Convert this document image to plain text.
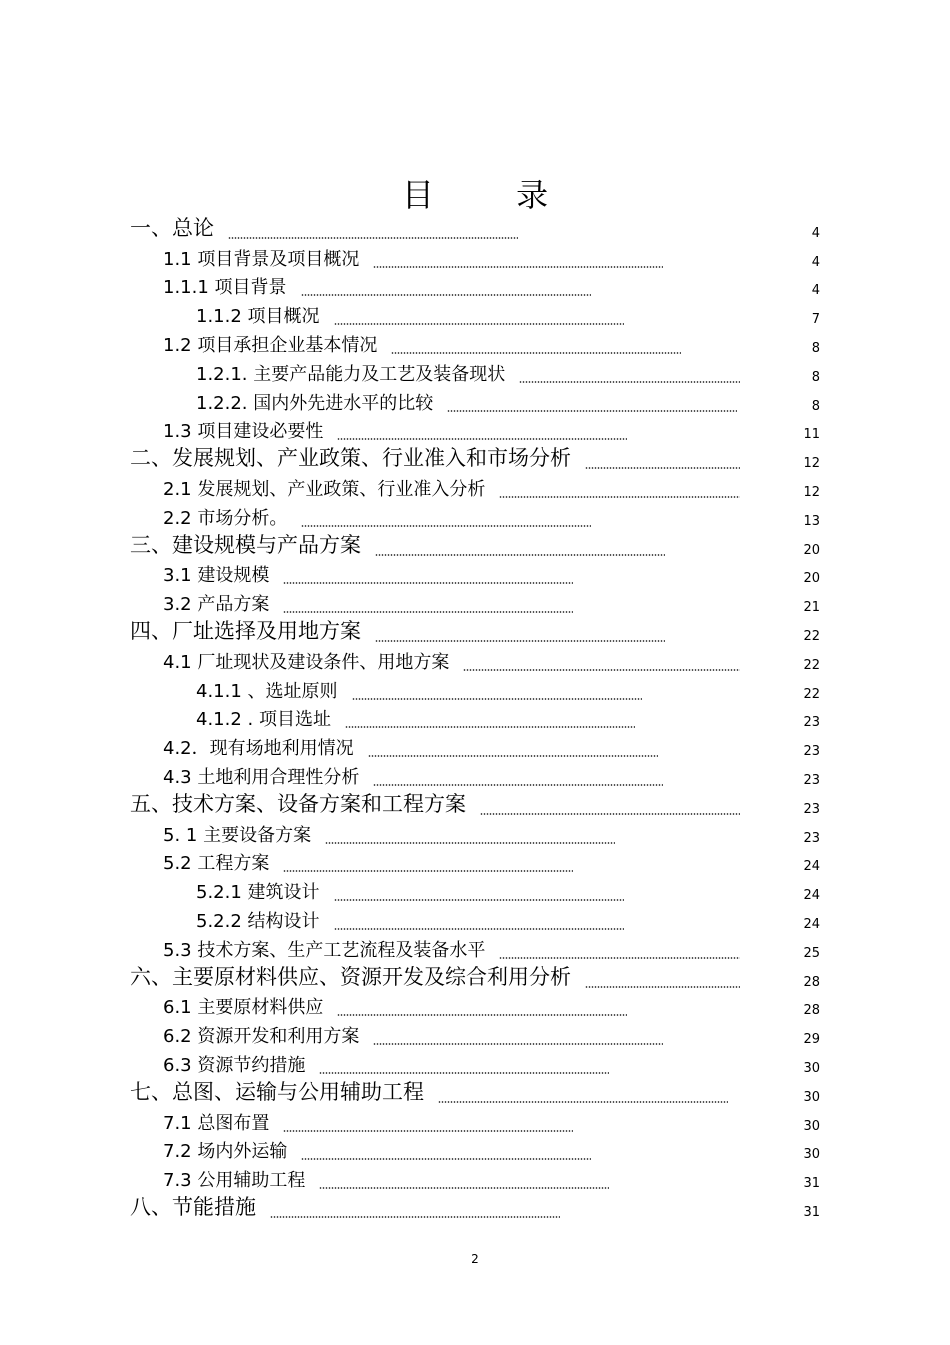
目 录
一、总论	4
1.1 项目背景及项目概况	4
1.1.1 项目背景	4
1.1.2 项目概况	7
1.2 项目承担企业基本情况	8
1.2.1. 主要产品能力及工艺及装备现状	8
1.2.2. 国内外先进水平的比较	8
1.3 项目建设必要性	11
二、发展规划、产业政策、行业准入和市场分析	12
2.1 发展规划、产业政策、行业准入分析	12
2.2 市场分析。	13
三、建设规模与产品方案	20
3.1 建设规模	20
3.2 产品方案	21
四、厂址选择及用地方案	22
4.1 厂址现状及建设条件、用地方案	22
4.1.1 、选址原则	22
4.1.2 . 项目选址	23
4.2．现有场地利用情况	23
4.3 土地利用合理性分析	23
五、技术方案、设备方案和工程方案	23
5. 1 主要设备方案	23
5.2 工程方案	24
5.2.1 建筑设计	24
5.2.2 结构设计	24
5.3 技术方案、生产工艺流程及装备水平	25
六、主要原材料供应、资源开发及综合利用分析	28
6.1 主要原材料供应	28
6.2 资源开发和利用方案	29
6.3 资源节约措施	30
七、总图、运输与公用辅助工程	30
7.1 总图布置	30
7.2 场内外运输	30
7.3 公用辅助工程	31
八、节能措施	31
2
